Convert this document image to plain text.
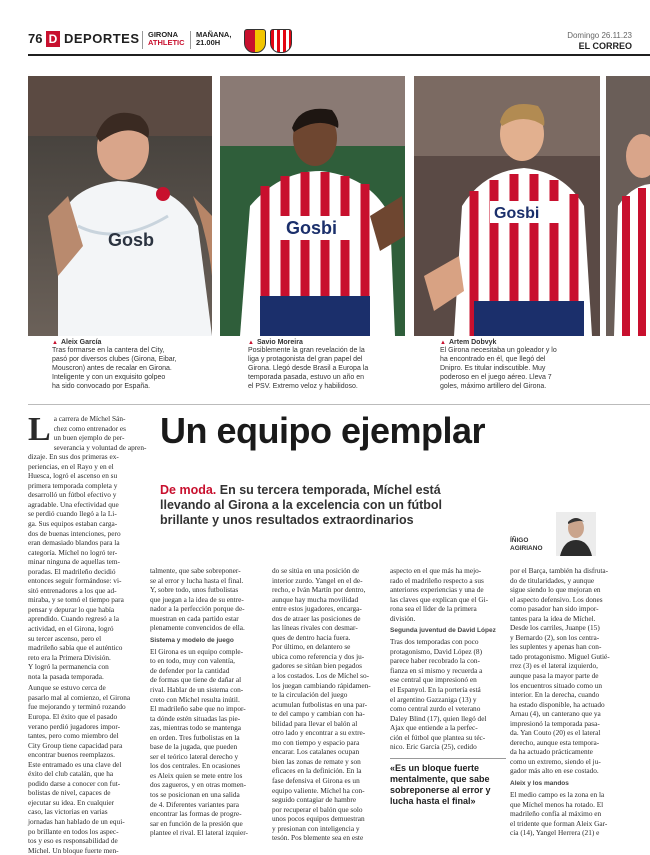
76 D DEPORTES GIRONA
ATHLETIC
MAÑANA,
21.00H
Domingo 26.11.23
EL CORREO
Gosb
Gosbi
Gosbi
▲ Aleix García
Tras formarse en la cantera del City,
pasó por diversos clubes (Girona, Eibar,
Mouscron) antes de recalar en Girona.
Inteligente y con un exquisito golpeo
ha sido convocado por España.
▲ Savio Moreira
Posiblemente la gran revelación de la
liga y protagonista del gran papel del
Girona. Llegó desde Brasil a Europa la
temporada pasada, estuvo un año en
el PSV. Extremo veloz y habilidoso.
▲ Artem Dobvyk
El Girona necesitaba un goleador y lo
ha encontrado en él, que llegó del
Dnipro. Es titular indiscutible. Muy
poderoso en el juego aéreo. Lleva 7
goles, máximo artillero del Girona.
Un equipo ejemplar
De moda. En su tercera temporada, Míchel está llevando al Girona a la excelencia con un fútbol brillante y unos resultados extraordinarios
ÍÑIGO AGIRIANO
L a carrera de Míchel Sán-
chez como entrenador es
un buen ejemplo de per-
severancia y voluntad de apren-
dizaje. En sus dos primeras ex-
periencias, en el Rayo y en el
Huesca, logró el ascenso en su
primera temporada completa y
desarrolló un fútbol efectivo y
agradable. Una efectividad que
se perdió cuando llegó a la Li-
ga. Sus equipos estaban carga-
dos de buenas intenciones, pero
eran demasiado blandos para la
categoría. Míchel no logró ter-
minar ninguna de aquellas tem-
poradas. El madrileño decidió
entonces seguir formándose: vi-
sitó entrenadores a los que ad-
miraba, y se tomó el tiempo para
pensar y depurar lo que había
aprendido. Cuando regresó a la
actividad, en el Girona, logró
su tercer ascenso, pero el
madrileño sabía que el auténtico
reto era la Primera División.
Y logró la permanencia con
nota la pasada temporada.
Aunque se estuvo cerca de
pasarlo mal al comienzo, el Girona
fue mejorando y terminó rozando
Europa. El éxito que el pasado
verano perdió jugadores impor-
tantes, pero como miembro del
City Group tiene capacidad para
encontrar buenos reemplazos.
Este entramado es una clave del
éxito del club catalán, que ha
podido darse a conocer con fut-
bolistas de nivel, capaces de
ejecutar su idea. En cualquier
caso, las victorias en varias
jornadas han hablado de un equi-
po brillante en todos los aspec-
tos y eso es responsabilidad de
Míchel. Un bloque fuerte men-
talmente, que sabe sobreponer-
se al error y lucha hasta el final.
Y, sobre todo, unos futbolistas
que juegan a la idea de su entre-
nador a la perfección porque de-
muestran en cada partido estar
plenamente convencidos de ella.
Sistema y modelo de juego
El Girona es un equipo comple-
to en todo, muy con valentía,
de defender por la cantidad
de formas que tiene de dañar al
rival. Hablar de un sistema con-
creto con Míchel resulta inútil.
El madrileño sabe que no impor-
ta dónde estén situadas las pie-
zas, mientras todo se mantenga
en orden. Tres futbolistas en la
base de la jugada, que pueden
ser el teórico lateral derecho y
los dos centrales. En ocasiones
es Aleix quien se mete entre los
dos zagueros, y en otras momen-
tos se posicionan en una salida
de 4. Diferentes variantes para
encontrar las formas de progre-
sar en función de la presión que
plantee el rival. El lateral izquier-
do se sitúa en una posición de
interior zurdo. Yangel en el de-
recho, e Iván Martín por dentro,
aunque hay mucha movilidad
entre estos jugadores, encarga-
dos de atraer las posiciones de
las líneas rivales con desmar-
ques de dentro hacia fuera.
Por último, en delantero se
ubica como referencia y dos ju-
gadores se sitúan bien pegados
a los costados. Los de Míchel so-
los juegan cambiando rápidamen-
te la circulación del juego
acumulan futbolistas en una par-
te del campo y cambian con ha-
bilidad para llevar el balón al
otro lado y encontrar a su extre-
mo con tiempo y espacio para
encarar. Los catalanes ocupan
bien las zonas de remate y son
eficaces en la definición. En la
fase defensiva el Girona es un
equipo valiente. Míchel ha con-
seguido contagiar de hambre
por recuperar el balón que solo
unos pocos equipos demuestran
y presionan con inteligencia y
tesón. Pos blemente sea en este
aspecto en el que más ha mejo-
rado el madrileño respecto a sus
anteriores experiencias y una de
las claves que explican que el Gi-
rona sea el líder de la primera
división.
Segunda juventud de David López
Tras dos temporadas con poco
protagonismo, David López (8)
parece haber recobrado la con-
fianza en sí mismo y recuerda a
ese central que impresionó en
el Espanyol. En la portería está
el argentino Gazzaniga (13) y
como central zurdo el veterano
Daley Blind (17), quien llegó del
Ajax que entiende a la perfec-
ción el fútbol que plantea su téc-
nico. Eric García (25), cedido
«Es un bloque fuerte mentalmente, que sabe sobreponerse al error y lucha hasta el final»
por el Barça, también ha disfruta-
do de titularidades, y aunque
sigue siendo lo que mejoran en
el aspecto defensivo. Los dones
como pasador han sido impor-
tantes para la idea de Míchel.
Desde los carriles, Juanpe (15)
y Bernardo (2), son los centra-
les suplentes y apenas han con-
tado protagonismo. Miguel Gutié-
rrez (3) es el lateral izquierdo,
aunque pasa la mayor parte de
los encuentros situado como un
interior. En la derecha, cuando
ha estado disponible, ha actuado
Arnau (4), un canterano que ya
impresionó la temporada pasa-
da. Yan Couto (20) es el lateral
derecho, aunque esta tempora-
da ha actuado prácticamente
como un extremo, siendo el ju-
gador más alto en ese costado.
Aleix y los mandos
El medio campo es la zona en la
que Míchel menos ha rotado. El
madrileño confía al máximo en
el tridente que forman Aleix Gar-
cía (14), Yangel Herrera (21) e
